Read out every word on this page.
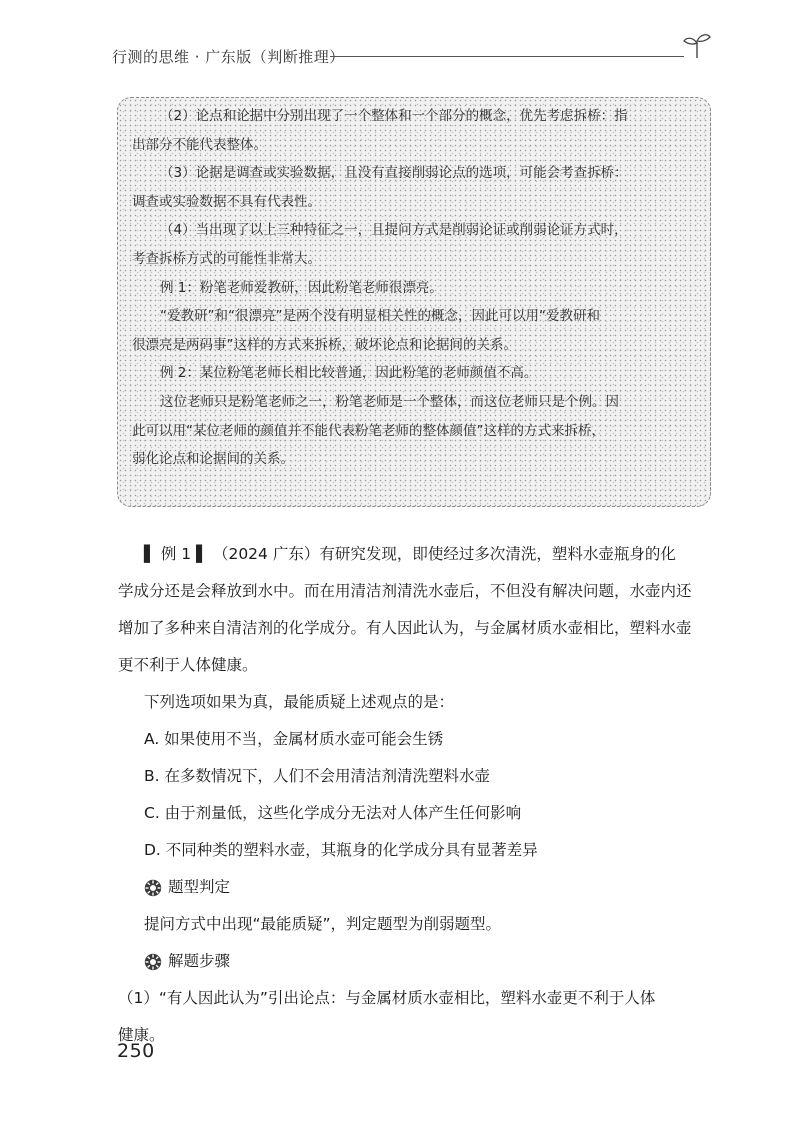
行测的思维 · 广东版（判断推理）

（2）论点和论据中分别出现了一个整体和一个部分的概念，优先考虑拆桥：指

出部分不能代表整体。

（3）论据是调查或实验数据，且没有直接削弱论点的选项，可能会考查拆桥：

调查或实验数据不具有代表性。

（4）当出现了以上三种特征之一，且提问方式是削弱论证或削弱论证方式时，

考查拆桥方式的可能性非常大。

例 1：粉笔老师爱教研，因此粉笔老师很漂亮。

“爱教研”和“很漂亮”是两个没有明显相关性的概念，因此可以用“爱教研和

很漂亮是两码事”这样的方式来拆桥，破坏论点和论据间的关系。

例 2：某位粉笔老师长相比较普通，因此粉笔的老师颜值不高。

这位老师只是粉笔老师之一，粉笔老师是一个整体，而这位老师只是个例。因

此可以用“某位老师的颜值并不能代表粉笔老师的整体颜值”这样的方式来拆桥，

弱化论点和论据间的关系。

▌ 例 1 ▌ （2024 广东）有研究发现，即使经过多次清洗，塑料水壶瓶身的化

学成分还是会释放到水中。而在用清洁剂清洗水壶后，不但没有解决问题，水壶内还

增加了多种来自清洁剂的化学成分。有人因此认为，与金属材质水壶相比，塑料水壶

更不利于人体健康。

下列选项如果为真，最能质疑上述观点的是：

A. 如果使用不当，金属材质水壶可能会生锈

B. 在多数情况下，人们不会用清洁剂清洗塑料水壶

C. 由于剂量低，这些化学成分无法对人体产生任何影响

D. 不同种类的塑料水壶，其瓶身的化学成分具有显著差异

题型判定

提问方式中出现“最能质疑”，判定题型为削弱题型。

解题步骤

（1）“有人因此认为”引出论点：与金属材质水壶相比，塑料水壶更不利于人体

健康。

250
